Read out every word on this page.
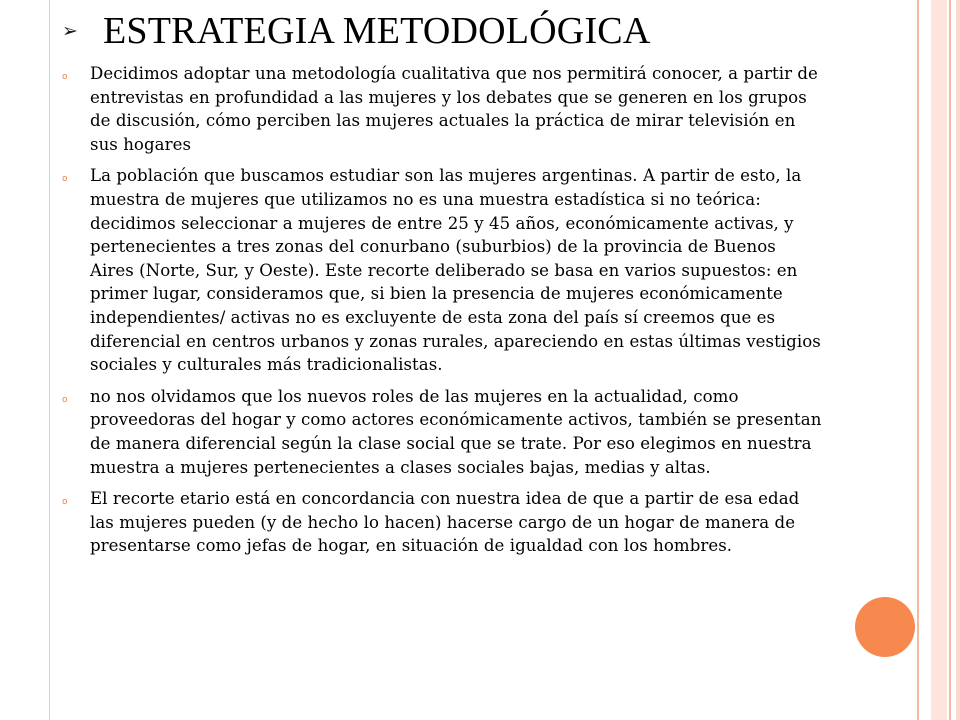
➢ ESTRATEGIA METODOLÓGICA
o	Decidimos adoptar una metodología cualitativa que nos permitirá conocer, a partir de entrevistas en profundidad a las mujeres y los debates que se generen en los grupos de discusión, cómo perciben las mujeres actuales la práctica de mirar televisión en sus hogares
o	La población que buscamos estudiar son las mujeres argentinas. A partir de esto, la muestra de mujeres que utilizamos no es una muestra estadística si no teórica: decidimos seleccionar a mujeres de entre 25 y 45 años, económicamente activas, y pertenecientes a tres zonas del conurbano (suburbios) de la provincia de Buenos Aires (Norte, Sur, y Oeste). Este recorte deliberado se basa en varios supuestos: en primer lugar, consideramos que, si bien la presencia de mujeres económicamente independientes/ activas no es excluyente de esta zona del país sí creemos que es diferencial en centros urbanos y zonas rurales, apareciendo en estas últimas vestigios sociales y culturales más tradicionalistas.
o	no nos olvidamos que los nuevos roles de las mujeres en la actualidad, como proveedoras del hogar y como actores económicamente activos, también se presentan de manera diferencial según la clase social que se trate. Por eso elegimos en nuestra muestra a mujeres pertenecientes a clases sociales bajas, medias y altas.
o	El recorte etario está en concordancia con nuestra idea de que a partir de esa edad las mujeres pueden (y de hecho lo hacen) hacerse cargo de un hogar de manera de presentarse como jefas de hogar, en situación de igualdad con los hombres.
